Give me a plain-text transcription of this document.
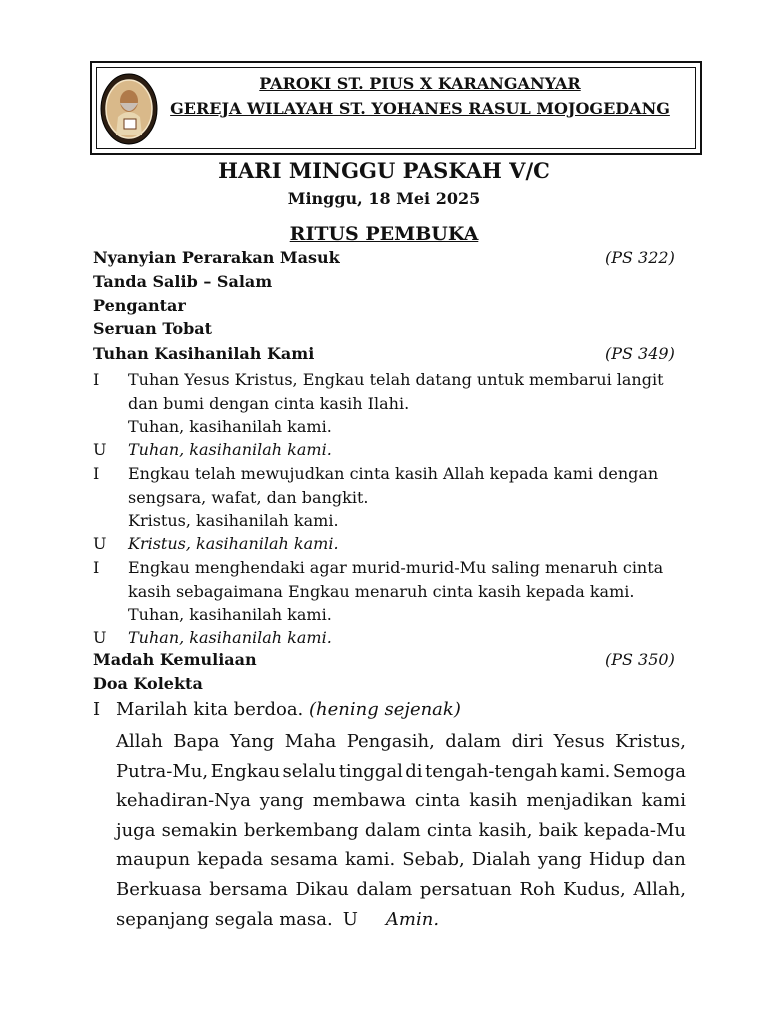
PAROKI ST. PIUS X KARANGANYAR
GEREJA WILAYAH ST. YOHANES RASUL MOJOGEDANG
HARI MINGGU PASKAH V/C
Minggu, 18 Mei 2025
RITUS PEMBUKA
Nyanyian Perarakan Masuk	(PS 322)
Tanda Salib – Salam
Pengantar
Seruan Tobat
Tuhan Kasihanilah Kami	(PS 349)
I Tuhan Yesus Kristus, Engkau telah datang untuk membarui langit
dan bumi dengan cinta kasih Ilahi.
Tuhan, kasihanilah kami.
U Tuhan, kasihanilah kami.
I Engkau telah mewujudkan cinta kasih Allah kepada kami dengan
sengsara, wafat, dan bangkit.
Kristus, kasihanilah kami.
U Kristus, kasihanilah kami.
I Engkau menghendaki agar murid-murid-Mu saling menaruh cinta
kasih sebagaimana Engkau menaruh cinta kasih kepada kami.
Tuhan, kasihanilah kami.
U Tuhan, kasihanilah kami.
Madah Kemuliaan	(PS 350)
Doa Kolekta
I Marilah kita berdoa. (hening sejenak)
Allah Bapa Yang Maha Pengasih, dalam diri Yesus Kristus,
Putra-Mu, Engkau selalu tinggal di tengah-tengah kami. Semoga
kehadiran-Nya yang membawa cinta kasih menjadikan kami
juga semakin berkembang dalam cinta kasih, baik kepada-Mu
maupun kepada sesama kami. Sebab, Dialah yang Hidup dan
Berkuasa bersama Dikau dalam persatuan Roh Kudus, Allah,
sepanjang segala masa. U Amin.
